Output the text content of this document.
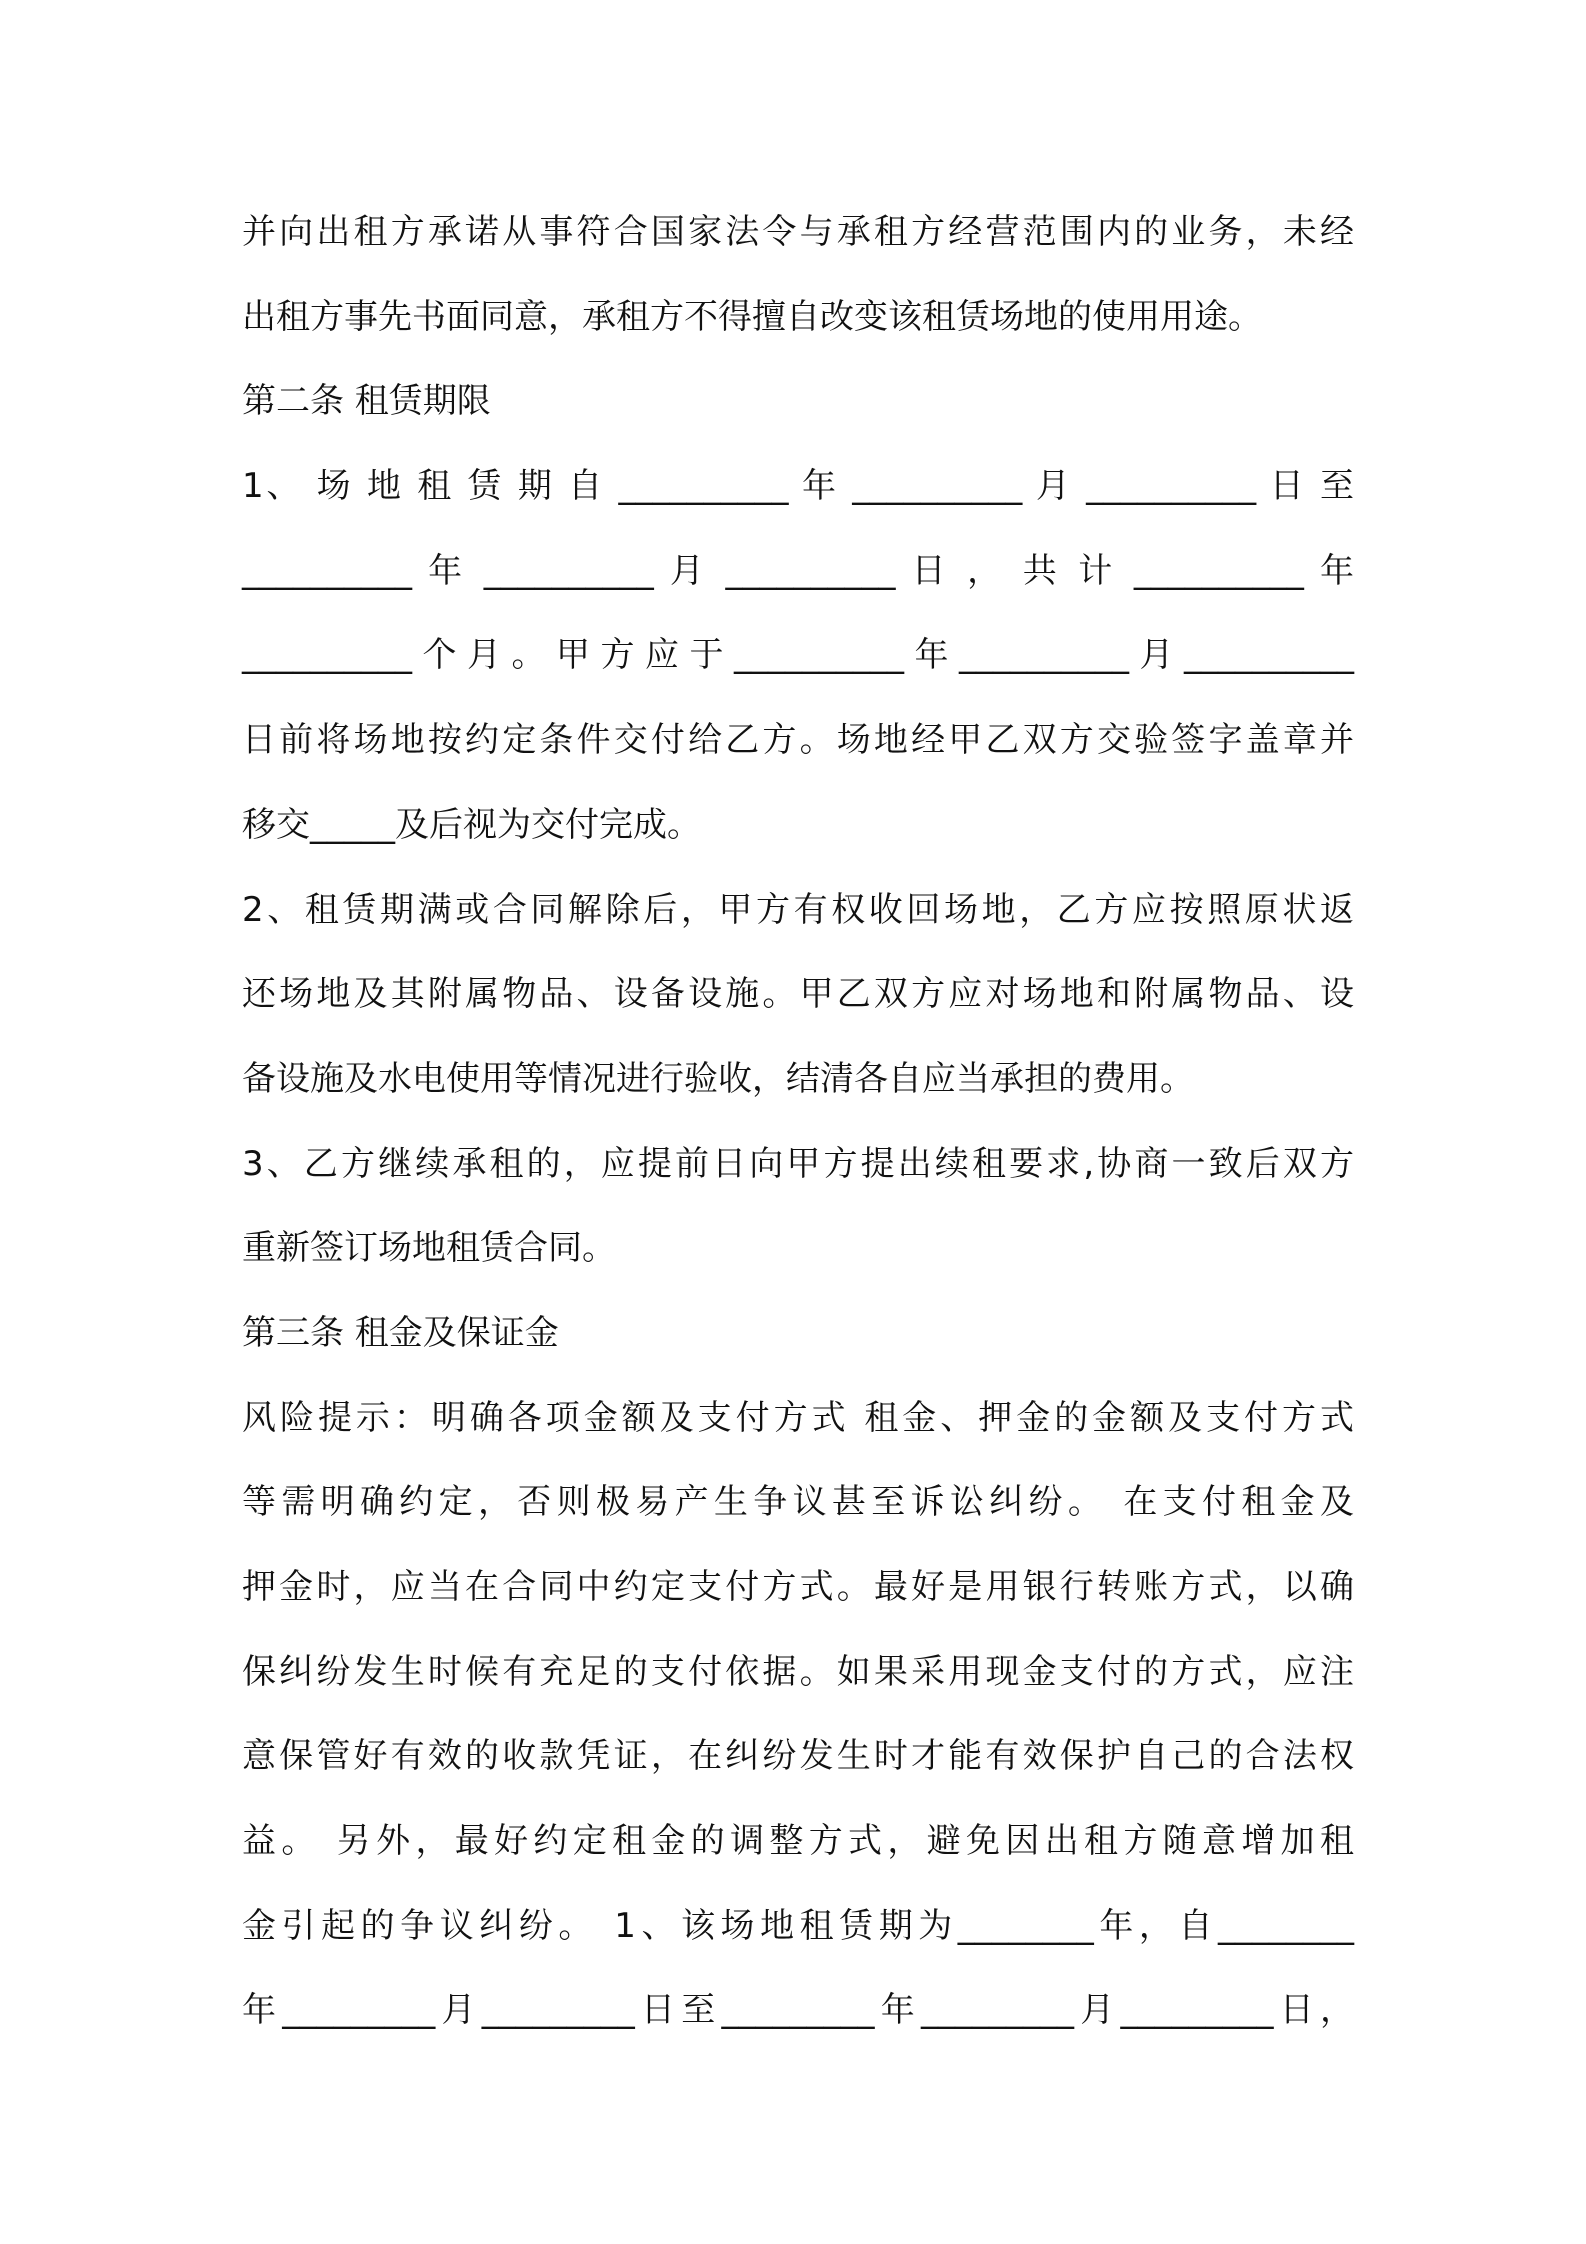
并向出租方承诺从事符合国家法令与承租方经营范围内的业务，未经
出租方事先书面同意，承租方不得擅自改变该租赁场地的使用用途。
第二条 租赁期限
1、 场 地 租 赁 期 自 __________ 年 __________ 月 __________ 日 至
__________ 年 __________ 月 __________ 日 ， 共 计 __________ 年
__________个月。甲方应于__________年__________月__________
日前将场地按约定条件交付给乙方。场地经甲乙双方交验签字盖章并
移交_____及后视为交付完成。
2、租赁期满或合同解除后，甲方有权收回场地，乙方应按照原状返
还场地及其附属物品、设备设施。甲乙双方应对场地和附属物品、设
备设施及水电使用等情况进行验收，结清各自应当承担的费用。
3、乙方继续承租的，应提前日向甲方提出续租要求,协商一致后双方
重新签订场地租赁合同。
第三条 租金及保证金
风险提示：明确各项金额及支付方式 租金、押金的金额及支付方式
等需明确约定，否则极易产生争议甚至诉讼纠纷。 在支付租金及
押金时，应当在合同中约定支付方式。最好是用银行转账方式，以确
保纠纷发生时候有充足的支付依据。如果采用现金支付的方式，应注
意保管好有效的收款凭证，在纠纷发生时才能有效保护自己的合法权
益。 另外，最好约定租金的调整方式，避免因出租方随意增加租
金引起的争议纠纷。 1、该场地租赁期为________年，自________
年_________月_________日至_________年_________月_________日，
